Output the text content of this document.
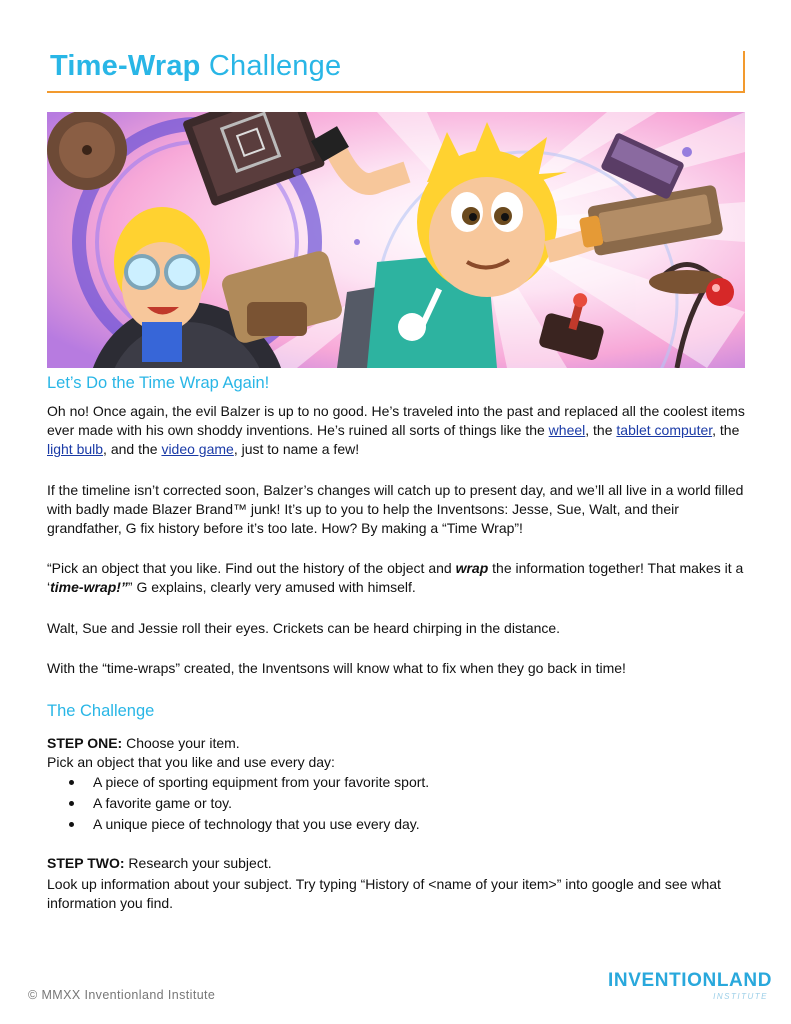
Time-Wrap Challenge
Let’s Do the Time Wrap Again!
Oh no! Once again, the evil Balzer is up to no good. He’s traveled into the past and replaced all the coolest items ever made with his own shoddy inventions. He’s ruined all sorts of things like the wheel, the tablet computer, the light bulb, and the video game, just to name a few!
If the timeline isn’t corrected soon, Balzer’s changes will catch up to present day, and we’ll all live in a world filled with badly made Blazer Brand™ junk! It’s up to you to help the Inventsons: Jesse, Sue, Walt, and their grandfather, G fix history before it’s too late. How? By making a “Time Wrap”!
“Pick an object that you like. Find out the history of the object and wrap the information together! That makes it a ‘time-wrap!”” G explains, clearly very amused with himself.
Walt, Sue and Jessie roll their eyes. Crickets can be heard chirping in the distance.
With the “time-wraps” created, the Inventsons will know what to fix when they go back in time!
The Challenge
STEP ONE: Choose your item.
Pick an object that you like and use every day:
A piece of sporting equipment from your favorite sport.
A favorite game or toy.
A unique piece of technology that you use every day.
STEP TWO: Research your subject.
Look up information about your subject. Try typing “History of <name of your item>” into google and see what information you find.
© MMXX Inventionland Institute
INVENTIONLAND
INSTITUTE
